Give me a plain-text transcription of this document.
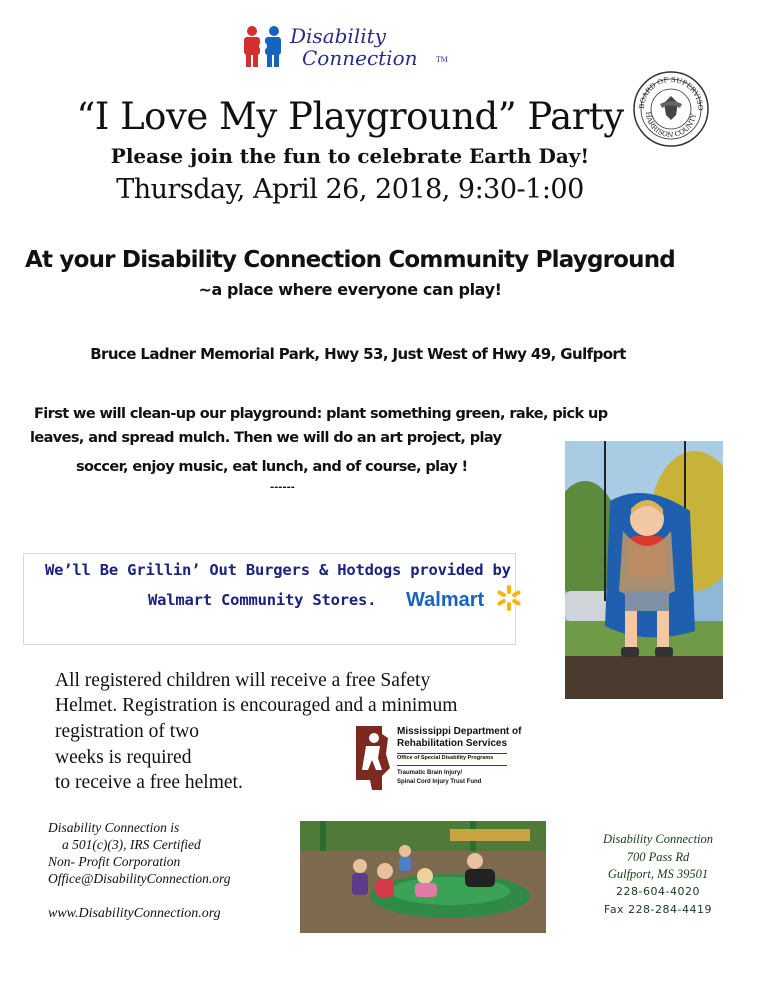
Disability
Connection	TM
BOARD OF SUPERVISO
HARRISON COUNTY
“I Love My Playground” Party
Please join the fun to celebrate Earth Day!
Thursday, April 26, 2018, 9:30-1:00
At your Disability Connection Community Playground
~a place where everyone can play!
Bruce Ladner Memorial Park, Hwy 53, Just West of Hwy 49, Gulfport
First we will clean-up our playground: plant something green, rake, pick up
leaves, and spread mulch. Then we will do an art project, play
soccer, enjoy music, eat lunch, and of course, play !
------
We’ll Be Grillin’ Out Burgers & Hotdogs provided by
Walmart Community Stores. Walmart
All registered children will receive a free Safety
Helmet. Registration is encouraged and a minimum
registration of two
weeks is required
to receive a free helmet.
Mississippi Department of
Rehabilitation Services
Office of Special Disability Programs
Traumatic Brain Injury/
Spinal Cord Injury Trust Fund
Disability Connection is
a 501(c)(3), IRS Certified
Non- Profit Corporation
Office@DisabilityConnection.org
www.DisabilityConnection.org
Disability Connection
700 Pass Rd
Gulfport, MS 39501
228-604-4020
Fax 228-284-4419
